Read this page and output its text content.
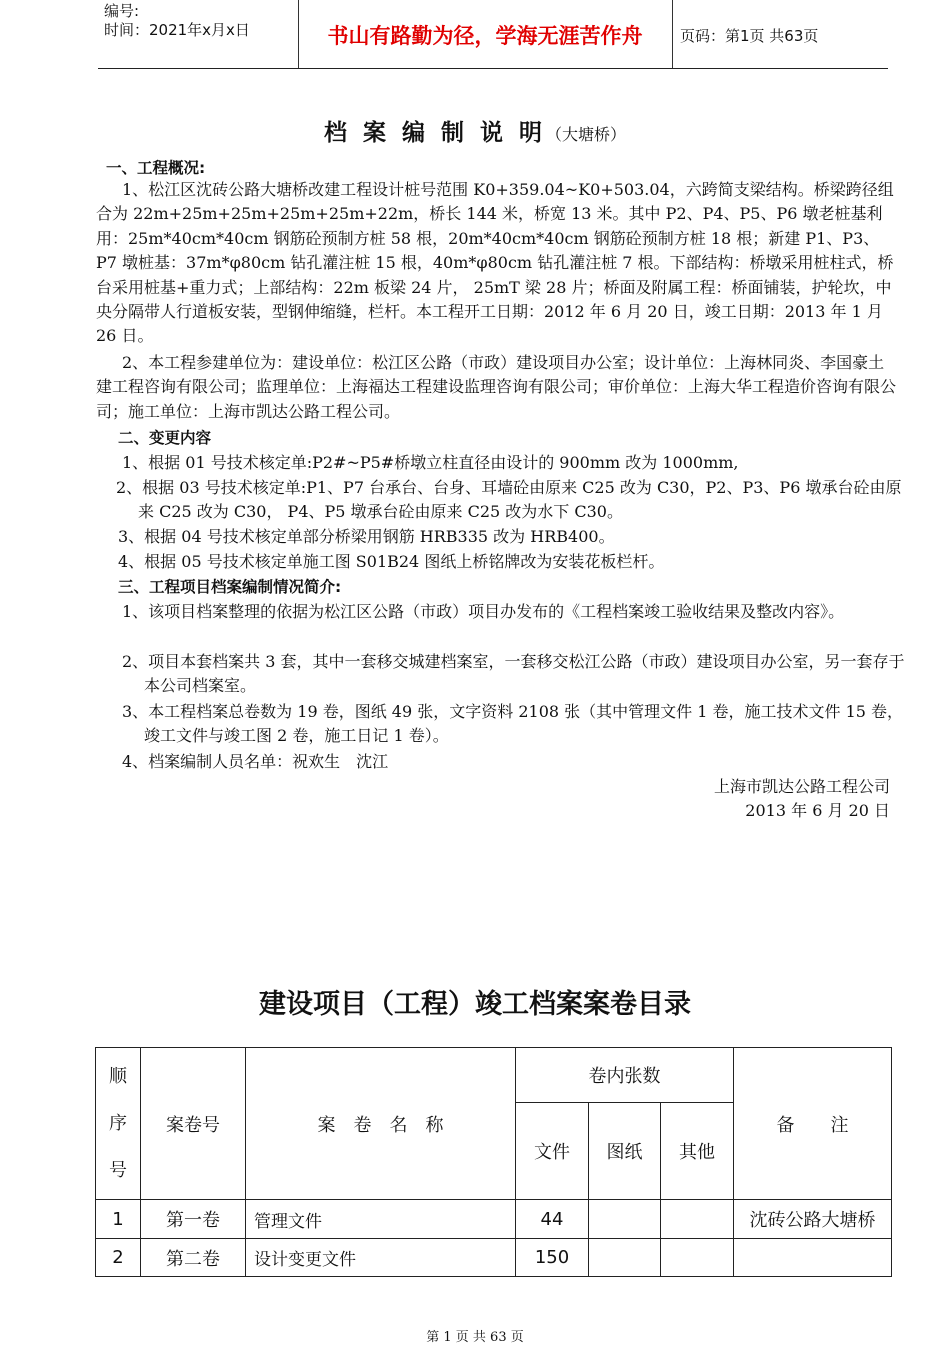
编号:
时间：2021年x月x日	书山有路勤为径，学海无涯苦作舟	页码：第1页 共63页
档 案 编 制 说 明（大塘桥）
一、工程概况:
1、松江区沈砖公路大塘桥改建工程设计桩号范围 K0+359.04~K0+503.04，六跨简支梁结构。桥梁跨径组合为 22m+25m+25m+25m+25m+22m，桥长 144 米，桥宽 13 米。其中 P2、P4、P5、P6 墩老桩基利用：25m*40cm*40cm 钢筋砼预制方桩 58 根，20m*40cm*40cm 钢筋砼预制方桩 18 根；新建 P1、P3、P7 墩桩基：37m*φ80cm 钻孔灌注桩 15 根，40m*φ80cm 钻孔灌注桩 7 根。下部结构：桥墩采用桩柱式，桥台采用桩基+重力式；上部结构：22m 板梁 24 片， 25mT 梁 28 片；桥面及附属工程：桥面铺装，护轮坎，中央分隔带人行道板安装，型钢伸缩缝，栏杆。本工程开工日期：2012 年 6 月 20 日，竣工日期：2013 年 1 月 26 日。
2、本工程参建单位为：建设单位：松江区公路（市政）建设项目办公室；设计单位：上海林同炎、李国豪土建工程咨询有限公司；监理单位：上海福达工程建设监理咨询有限公司；审价单位：上海大华工程造价咨询有限公司；施工单位：上海市凯达公路工程公司。
二、变更内容
1、根据 01 号技术核定单:P2#~P5#桥墩立柱直径由设计的 900mm 改为 1000mm,
2、根据 03 号技术核定单:P1、P7 台承台、台身、耳墙砼由原来 C25 改为 C30，P2、P3、P6 墩承台砼由原来 C25 改为 C30， P4、P5 墩承台砼由原来 C25 改为水下 C30。
3、根据 04 号技术核定单部分桥梁用钢筋 HRB335 改为 HRB400。
4、根据 05 号技术核定单施工图 S01B24 图纸上桥铭牌改为安装花板栏杆。
三、工程项目档案编制情况简介:
1、该项目档案整理的依据为松江区公路（市政）项目办发布的《工程档案竣工验收结果及整改内容》。
2、项目本套档案共 3 套，其中一套移交城建档案室，一套移交松江公路（市政）建设项目办公室，另一套存于本公司档案室。
3、本工程档案总卷数为 19 卷，图纸 49 张，文字资料 2108 张（其中管理文件 1 卷，施工技术文件 15 卷，竣工文件与竣工图 2 卷，施工日记 1 卷）。
4、档案编制人员名单：祝欢生　沈江
上海市凯达公路工程公司
2013 年 6 月 20 日
建设项目（工程）竣工档案案卷目录
顺
序
号	案卷号	案　卷　名　称	卷内张数			备　　注
			文件	图纸	其他	
1	第一卷	管理文件	44			沈砖公路大塘桥
2	第二卷	设计变更文件	150			
第 1 页 共 63 页
